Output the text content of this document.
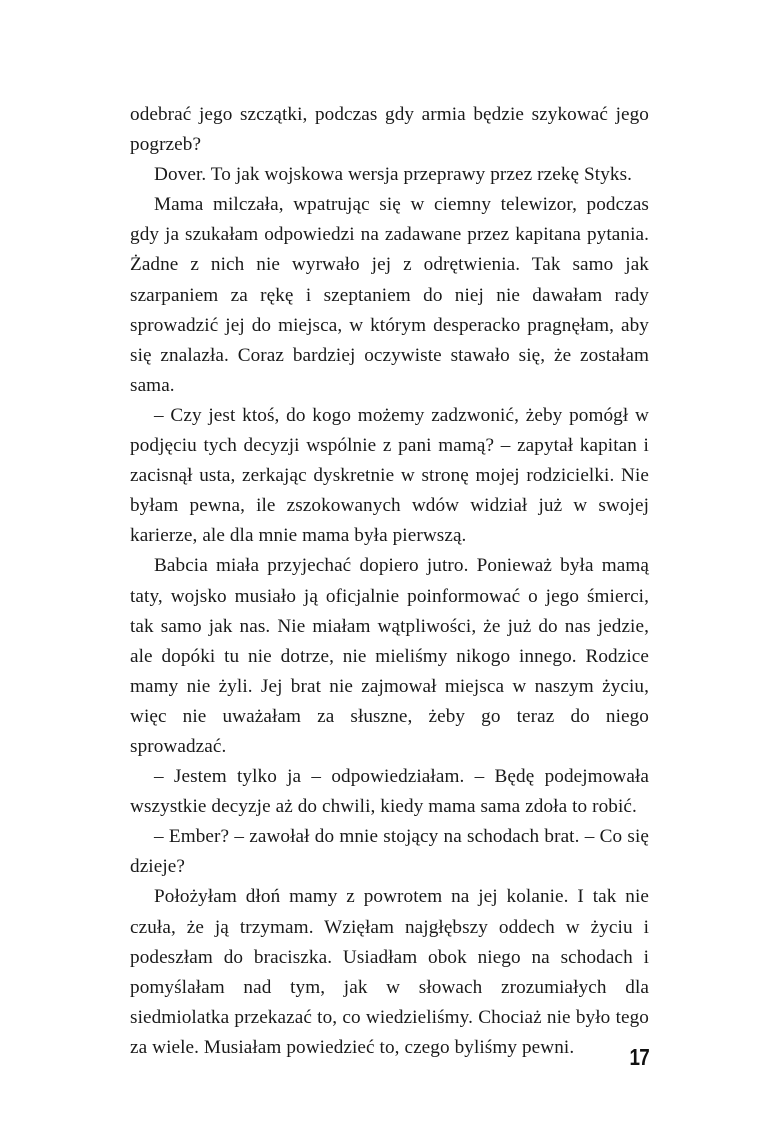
odebrać jego szczątki, podczas gdy armia będzie szykować jego pogrzeb?

Dover. To jak wojskowa wersja przeprawy przez rzekę Styks.

Mama milczała, wpatrując się w ciemny telewizor, podczas gdy ja szukałam odpowiedzi na zadawane przez kapitana pytania. Żadne z nich nie wyrwało jej z odrętwienia. Tak samo jak szarpaniem za rękę i szeptaniem do niej nie dawałam rady sprowadzić jej do miejsca, w którym desperacko pragnęłam, aby się znalazła. Coraz bardziej oczywiste stawało się, że zostałam sama.

– Czy jest ktoś, do kogo możemy zadzwonić, żeby pomógł w podjęciu tych decyzji wspólnie z pani mamą? – zapytał kapitan i zacisnął usta, zerkając dyskretnie w stronę mojej rodzicielki. Nie byłam pewna, ile zszokowanych wdów widział już w swojej karierze, ale dla mnie mama była pierwszą.

Babcia miała przyjechać dopiero jutro. Ponieważ była mamą taty, wojsko musiało ją oficjalnie poinformować o jego śmierci, tak samo jak nas. Nie miałam wątpliwości, że już do nas jedzie, ale dopóki tu nie dotrze, nie mieliśmy nikogo innego. Rodzice mamy nie żyli. Jej brat nie zajmował miejsca w naszym życiu, więc nie uważałam za słuszne, żeby go teraz do niego sprowadzać.

– Jestem tylko ja – odpowiedziałam. – Będę podejmowała wszystkie decyzje aż do chwili, kiedy mama sama zdoła to robić.

– Ember? – zawołał do mnie stojący na schodach brat. – Co się dzieje?

Położyłam dłoń mamy z powrotem na jej kolanie. I tak nie czuła, że ją trzymam. Wzięłam najgłębszy oddech w życiu i podeszłam do braciszka. Usiadłam obok niego na schodach i pomyślałam nad tym, jak w słowach zrozumiałych dla siedmiolatka przekazać to, co wiedzieliśmy. Chociaż nie było tego za wiele. Musiałam powiedzieć to, czego byliśmy pewni.	17
